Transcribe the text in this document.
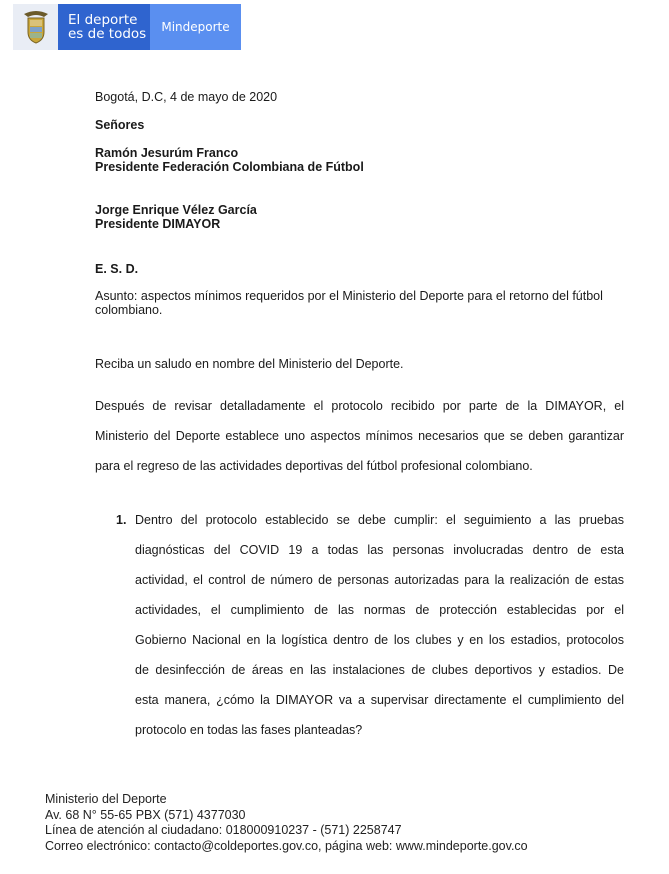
El deporte
es de todos	Mindeporte
Bogotá, D.C, 4 de mayo de 2020
Señores
Ramón Jesurúm Franco
Presidente Federación Colombiana de Fútbol
Jorge Enrique Vélez García
Presidente DIMAYOR
E. S. D.
Asunto: aspectos mínimos requeridos por el Ministerio del Deporte para el retorno del fútbol
colombiano.
Reciba un saludo en nombre del Ministerio del Deporte.
Después de revisar detalladamente el protocolo recibido por parte de la DIMAYOR, el
Ministerio del Deporte establece uno aspectos mínimos necesarios que se deben garantizar
para el regreso de las actividades deportivas del fútbol profesional colombiano.
1. Dentro del protocolo establecido se debe cumplir: el seguimiento a las pruebas
diagnósticas del COVID 19 a todas las personas involucradas dentro de esta
actividad, el control de número de personas autorizadas para la realización de estas
actividades, el cumplimiento de las normas de protección establecidas por el
Gobierno Nacional en la logística dentro de los clubes y en los estadios, protocolos
de desinfección de áreas en las instalaciones de clubes deportivos y estadios. De
esta manera, ¿cómo la DIMAYOR va a supervisar directamente el cumplimiento del
protocolo en todas las fases planteadas?
Ministerio del Deporte
Av. 68 N° 55-65 PBX (571) 4377030
Línea de atención al ciudadano: 018000910237 - (571) 2258747
Correo electrónico: contacto@coldeportes.gov.co, página web: www.mindeporte.gov.co
